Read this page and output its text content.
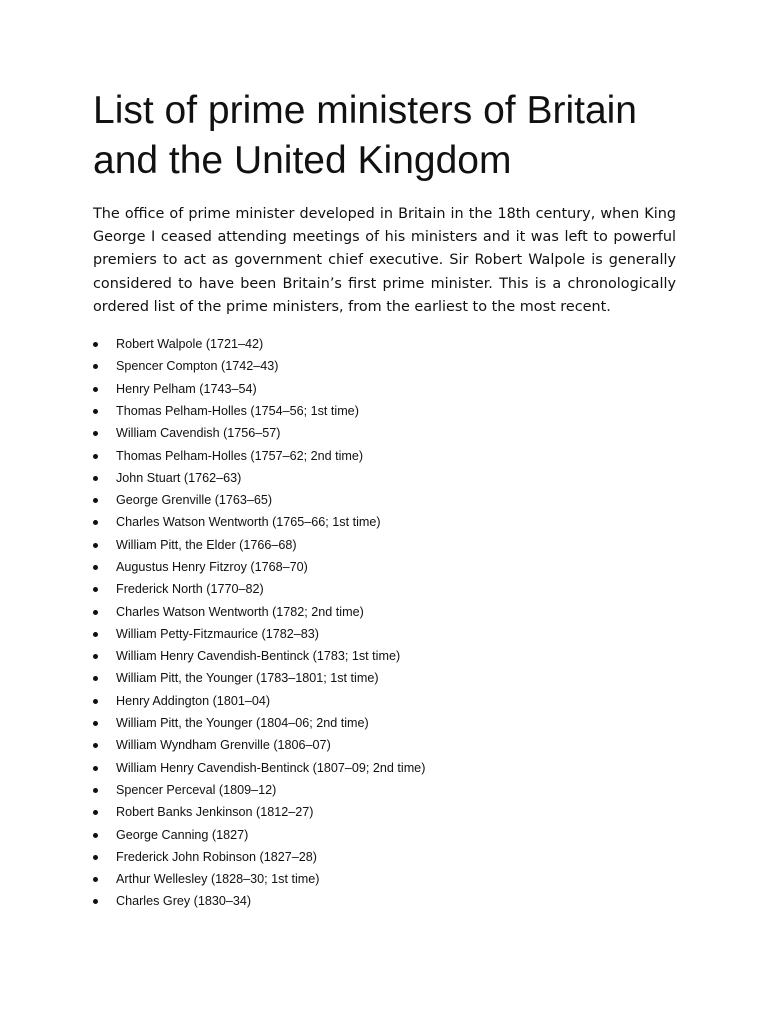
List of prime ministers of Britain and the United Kingdom

The office of prime minister developed in Britain in the 18th century, when King George I ceased attending meetings of his ministers and it was left to powerful premiers to act as government chief executive. Sir Robert Walpole is generally considered to have been Britain’s first prime minister. This is a chronologically ordered list of the prime ministers, from the earliest to the most recent.

Robert Walpole (1721–42)
Spencer Compton (1742–43)
Henry Pelham (1743–54)
Thomas Pelham-Holles (1754–56; 1st time)
William Cavendish (1756–57)
Thomas Pelham-Holles (1757–62; 2nd time)
John Stuart (1762–63)
George Grenville (1763–65)
Charles Watson Wentworth (1765–66; 1st time)
William Pitt, the Elder (1766–68)
Augustus Henry Fitzroy (1768–70)
Frederick North (1770–82)
Charles Watson Wentworth (1782; 2nd time)
William Petty-Fitzmaurice (1782–83)
William Henry Cavendish-Bentinck (1783; 1st time)
William Pitt, the Younger (1783–1801; 1st time)
Henry Addington (1801–04)
William Pitt, the Younger (1804–06; 2nd time)
William Wyndham Grenville (1806–07)
William Henry Cavendish-Bentinck (1807–09; 2nd time)
Spencer Perceval (1809–12)
Robert Banks Jenkinson (1812–27)
George Canning (1827)
Frederick John Robinson (1827–28)
Arthur Wellesley (1828–30; 1st time)
Charles Grey (1830–34)
